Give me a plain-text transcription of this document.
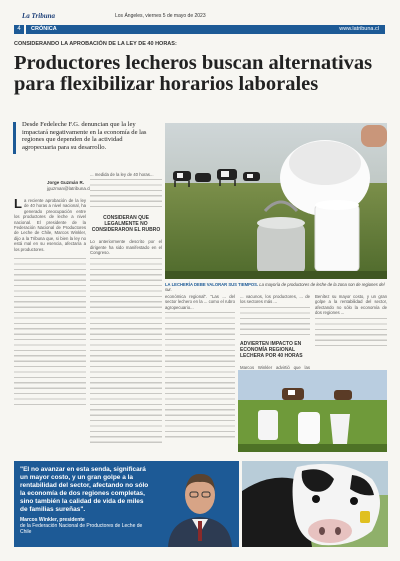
La Tribuna	Los Ángeles, viernes 5 de mayo de 2023
4	CRÓNICA	www.latribuna.cl
CONSIDERANDO LA APROBACIÓN DE LA LEY DE 40 HORAS:
Productores lecheros buscan alternativas para flexibilizar horarios laborales
Desde Fedeleche F.G. denuncian que la ley impactará negativamente en la economía de las regiones que dependen de la actividad agropecuaria para su desarrollo.
Jorge Guzmán R.
jguzman@latribuna.cl
La reciente aprobación de la ley de 40 horas a nivel nacional, ha generado preocupación entre los productores de leche a nivel nacional. El presidente de la Federación Nacional de Productores de Leche de Chile, Marcos Winkler, dijo a la Tribuna que, si bien la ley no está mal en su esencia, afectaría a los productores.
... medida de la ley de 40 horas...
CONSIDERAN QUE LEGALMENTE NO CONSIDERARON EL RUBRO
Lo anteriormente descrito por el dirigente ha sido manifestado en el Congreso.
LA LECHERÍA DEBE VALORAR SUS TIEMPOS. La mayoría de productores de leche de la zona son de regiones del sur.
económica regional". "Las ... del sector lechero en la ... como el rubro agropecuario...
... vacunos, los productores, ... de los sectores más ...
ADVIERTEN IMPACTO EN ECONOMÍA REGIONAL LECHERA POR 40 HORAS
Marcos Winkler advirtió que las
Benítez su mayor costo, y un gran golpe a la rentabilidad del sector, afectando no sólo la economía de dos regiones ...
"El no avanzar en esta senda, significará un mayor costo, y un gran golpe a la rentabilidad del sector, afectando no sólo la economía de dos regiones completas, sino también la calidad de vida de miles de familias sureñas".
Marcos Winkler, presidente
de la Federación Nacional de Productores de Leche de Chile
